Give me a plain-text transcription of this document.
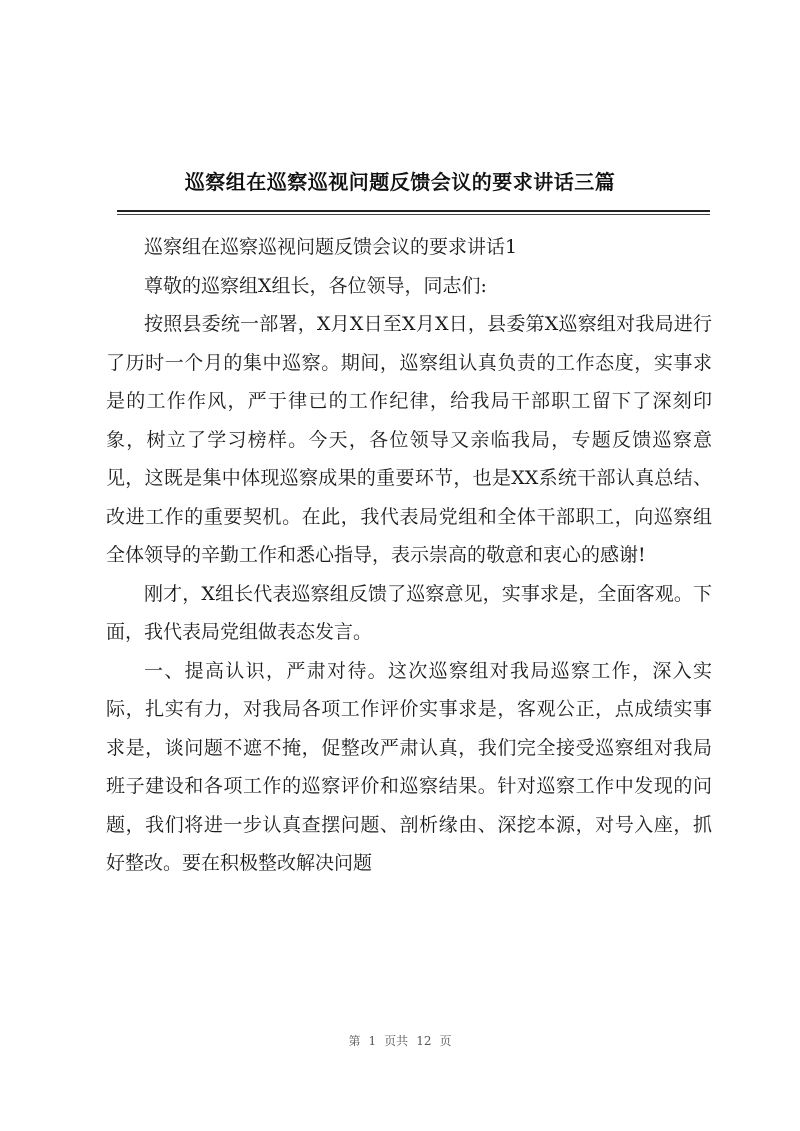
巡察组在巡察巡视问题反馈会议的要求讲话三篇

巡察组在巡察巡视问题反馈会议的要求讲话1

尊敬的巡察组X组长，各位领导，同志们:

按照县委统一部署，X月X日至X月X日，县委第X巡察组对我局进行了历时一个月的集中巡察。期间，巡察组认真负责的工作态度，实事求是的工作作风，严于律已的工作纪律，给我局干部职工留下了深刻印象，树立了学习榜样。今天，各位领导又亲临我局，专题反馈巡察意见，这既是集中体现巡察成果的重要环节，也是XX系统干部认真总结、改进工作的重要契机。在此，我代表局党组和全体干部职工，向巡察组全体领导的辛勤工作和悉心指导，表示崇高的敬意和衷心的感谢!

刚才，X组长代表巡察组反馈了巡察意见，实事求是，全面客观。下面，我代表局党组做表态发言。

一、提高认识，严肃对待。这次巡察组对我局巡察工作，深入实际，扎实有力，对我局各项工作评价实事求是，客观公正，点成绩实事求是，谈问题不遮不掩，促整改严肃认真，我们完全接受巡察组对我局班子建设和各项工作的巡察评价和巡察结果。针对巡察工作中发现的问题，我们将进一步认真查摆问题、剖析缘由、深挖本源，对号入座，抓好整改。要在积极整改解决问题

第 1 页共 12 页
